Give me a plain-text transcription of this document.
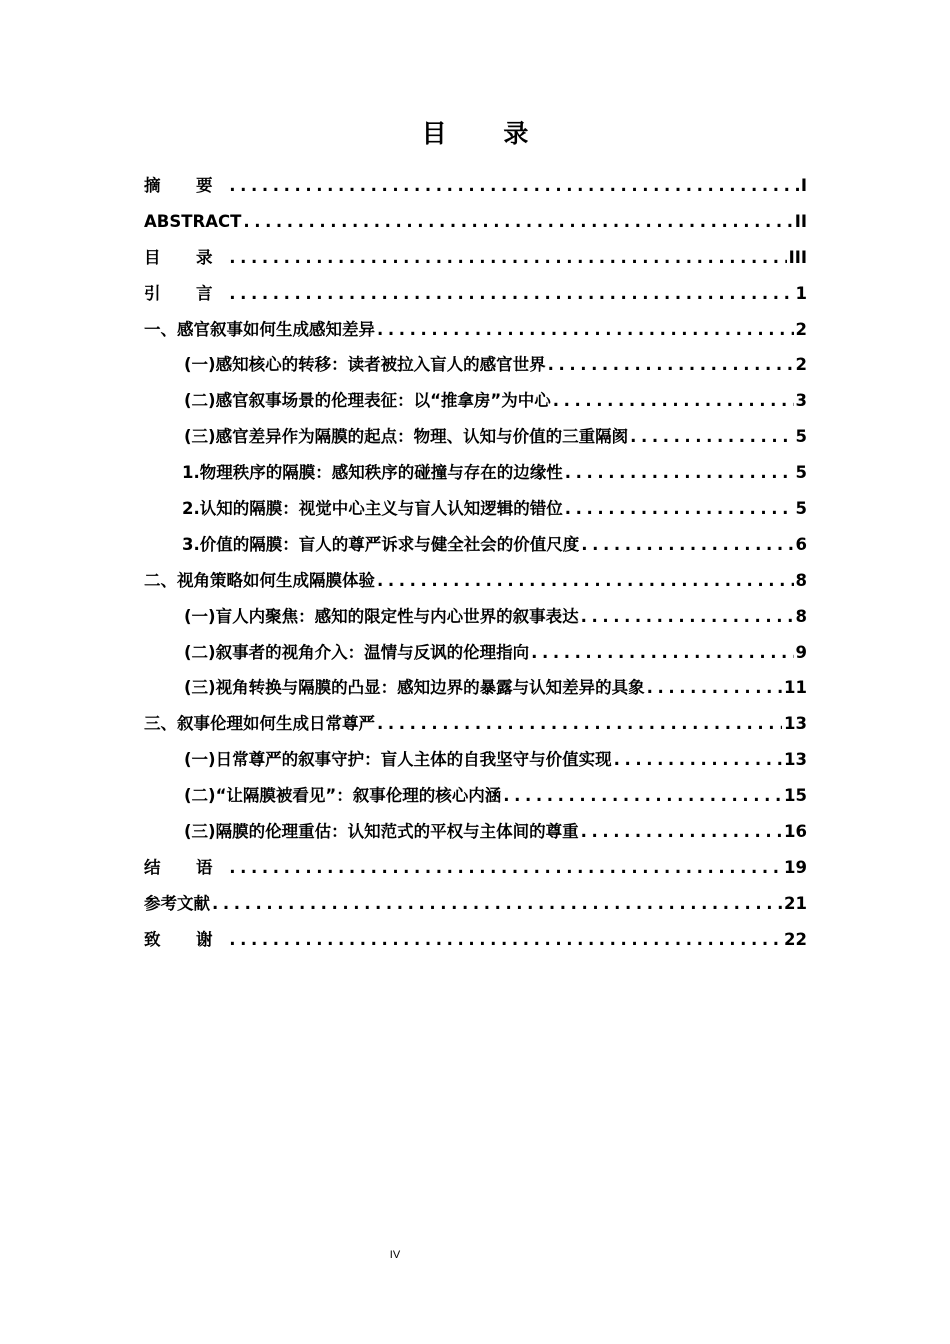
目 录
摘 要 .....	I
ABSTRACT .....	II
目 录 .....	III
引 言 .....	1
一、感官叙事如何生成感知差异 .....	2
(一)感知核心的转移：读者被拉入盲人的感官世界 .....	2
(二)感官叙事场景的伦理表征：以“推拿房”为中心 .....	3
(三)感官差异作为隔膜的起点：物理、认知与价值的三重隔阂 .....	5
1.物理秩序的隔膜：感知秩序的碰撞与存在的边缘性 .....	5
2.认知的隔膜：视觉中心主义与盲人认知逻辑的错位 .....	5
3.价值的隔膜：盲人的尊严诉求与健全社会的价值尺度 .....	6
二、视角策略如何生成隔膜体验 .....	8
(一)盲人内聚焦：感知的限定性与内心世界的叙事表达 .....	8
(二)叙事者的视角介入：温情与反讽的伦理指向 .....	9
(三)视角转换与隔膜的凸显：感知边界的暴露与认知差异的具象 .....	11
三、叙事伦理如何生成日常尊严 .....	13
(一)日常尊严的叙事守护：盲人主体的自我坚守与价值实现 .....	13
(二)“让隔膜被看见”：叙事伦理的核心内涵 .....	15
(三)隔膜的伦理重估：认知范式的平权与主体间的尊重 .....	16
结 语 .....	19
参考文献 .....	21
致 谢 .....	22
IV
